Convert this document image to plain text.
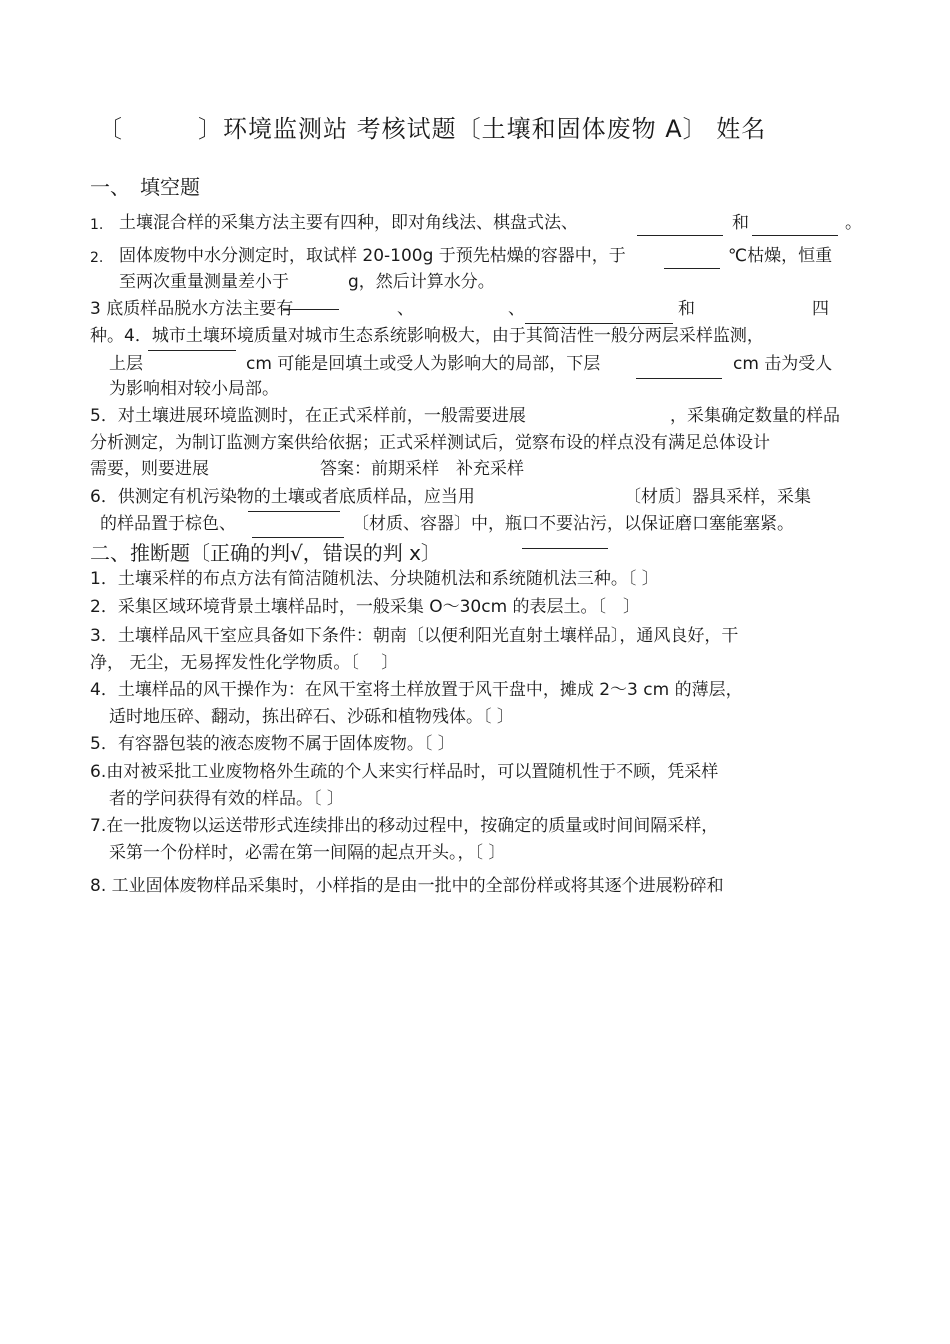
〔　　　〕环境监测站 考核试题〔土壤和固体废物 A〕 姓名
一、　填空题
1. 土壤混合样的采集方法主要有四种，即对角线法、棋盘式法、	和	。
2. 固体废物中水分测定时，取试样 20-100g 于预先枯燥的容器中，于	℃枯燥，恒重
至两次重量测量差小于	g，然后计算水分。
3 底质样品脱水方法主要有	、	、	和	四
种。4．城市土壤环境质量对城市生态系统影响极大，由于其简洁性一般分两层采样监测，
上层	cm 可能是回填土或受人为影响大的局部，下层	cm 击为受人
为影响相对较小局部。
5．对土壤进展环境监测时，在正式采样前，一般需要进展	，采集确定数量的样品
分析测定，为制订监测方案供给依据；正式采样测试后，觉察布设的样点没有满足总体设计
需要，则要进展	答案：前期采样　补充采样
6．供测定有机污染物的土壤或者底质样品，应当用	〔材质〕器具采样，采集
的样品置于棕色、	〔材质、容器〕中，瓶口不要沾污，以保证磨口塞能塞紧。
二、推断题〔正确的判√，错误的判 x〕
1．土壤采样的布点方法有简洁随机法、分块随机法和系统随机法三种。〔 〕
2．采集区域环境背景土壤样品时，一般采集 O～30cm 的表层土。〔　〕
3．土壤样品风干室应具备如下条件：朝南〔以便利阳光直射土壤样品〕，通风良好，干
净， 无尘，无易挥发性化学物质。〔　 〕
4．土壤样品的风干操作为：在风干室将土样放置于风干盘中，摊成 2～3 cm 的薄层，
适时地压碎、翻动，拣出碎石、沙砾和植物残体。〔 〕
5．有容器包装的液态废物不属于固体废物。〔 〕
6.由对被采批工业废物格外生疏的个人来实行样品时，可以置随机性于不顾，凭采样
者的学问获得有效的样品。〔 〕
7.在一批废物以运送带形式连续排出的移动过程中，按确定的质量或时间间隔采样，
采第一个份样时，必需在第一间隔的起点开头。，〔 〕
8. 工业固体废物样品采集时，小样指的是由一批中的全部份样或将其逐个进展粉碎和
